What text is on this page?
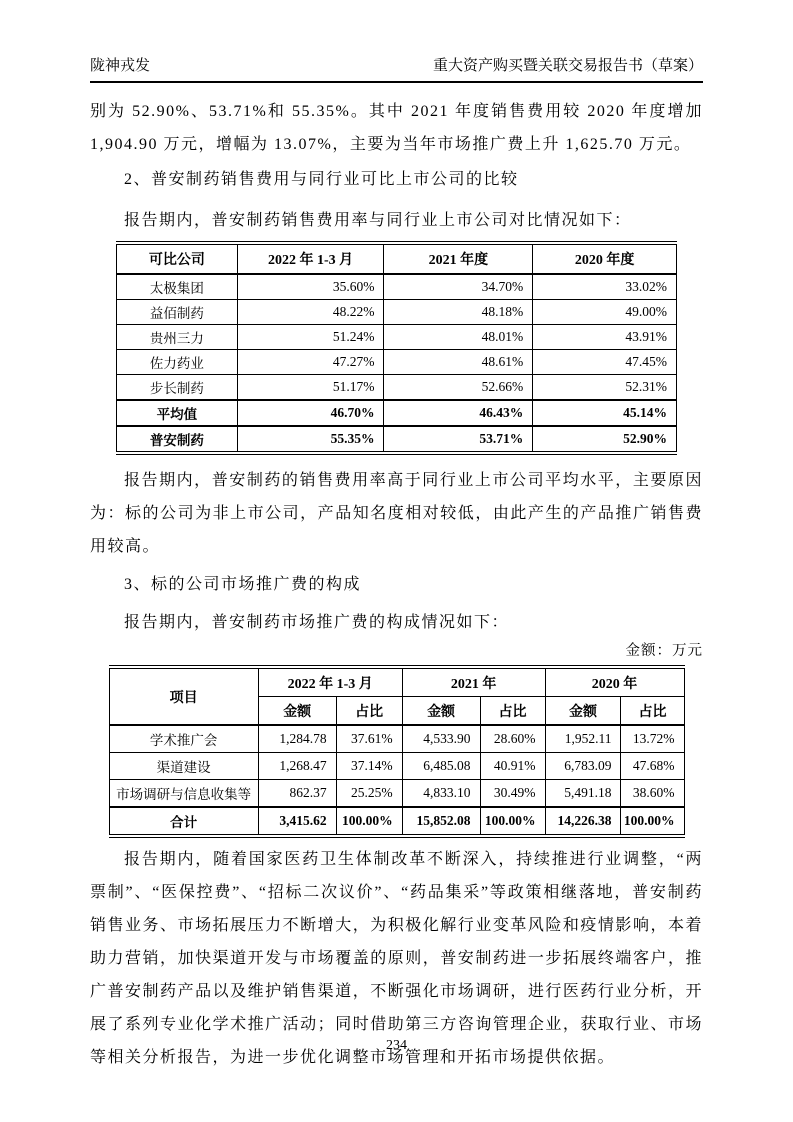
陇神戎发	重大资产购买暨关联交易报告书（草案）

别为 52.90%、53.71%和 55.35%。其中 2021 年度销售费用较 2020 年度增加 1,904.90 万元，增幅为 13.07%，主要为当年市场推广费上升 1,625.70 万元。

2、普安制药销售费用与同行业可比上市公司的比较

报告期内，普安制药销售费用率与同行业上市公司对比情况如下：

可比公司	2022 年 1-3 月	2021 年度	2020 年度
太极集团	35.60%	34.70%	33.02%
益佰制药	48.22%	48.18%	49.00%
贵州三力	51.24%	48.01%	43.91%
佐力药业	47.27%	48.61%	47.45%
步长制药	51.17%	52.66%	52.31%
平均值	46.70%	46.43%	45.14%
普安制药	55.35%	53.71%	52.90%

报告期内，普安制药的销售费用率高于同行业上市公司平均水平，主要原因为：标的公司为非上市公司，产品知名度相对较低，由此产生的产品推广销售费用较高。

3、标的公司市场推广费的构成

报告期内，普安制药市场推广费的构成情况如下：

金额：万元

项目	2022 年 1-3 月		2021 年		2020 年	
	金额	占比	金额	占比	金额	占比
学术推广会	1,284.78	37.61%	4,533.90	28.60%	1,952.11	13.72%
渠道建设	1,268.47	37.14%	6,485.08	40.91%	6,783.09	47.68%
市场调研与信息收集等	862.37	25.25%	4,833.10	30.49%	5,491.18	38.60%
合计	3,415.62	100.00%	15,852.08	100.00%	14,226.38	100.00%

报告期内，随着国家医药卫生体制改革不断深入，持续推进行业调整，“两票制”、“医保控费”、“招标二次议价”、“药品集采”等政策相继落地，普安制药销售业务、市场拓展压力不断增大，为积极化解行业变革风险和疫情影响，本着助力营销，加快渠道开发与市场覆盖的原则，普安制药进一步拓展终端客户，推广普安制药产品以及维护销售渠道，不断强化市场调研，进行医药行业分析，开展了系列专业化学术推广活动；同时借助第三方咨询管理企业，获取行业、市场等相关分析报告，为进一步优化调整市场管理和开拓市场提供依据。

234
